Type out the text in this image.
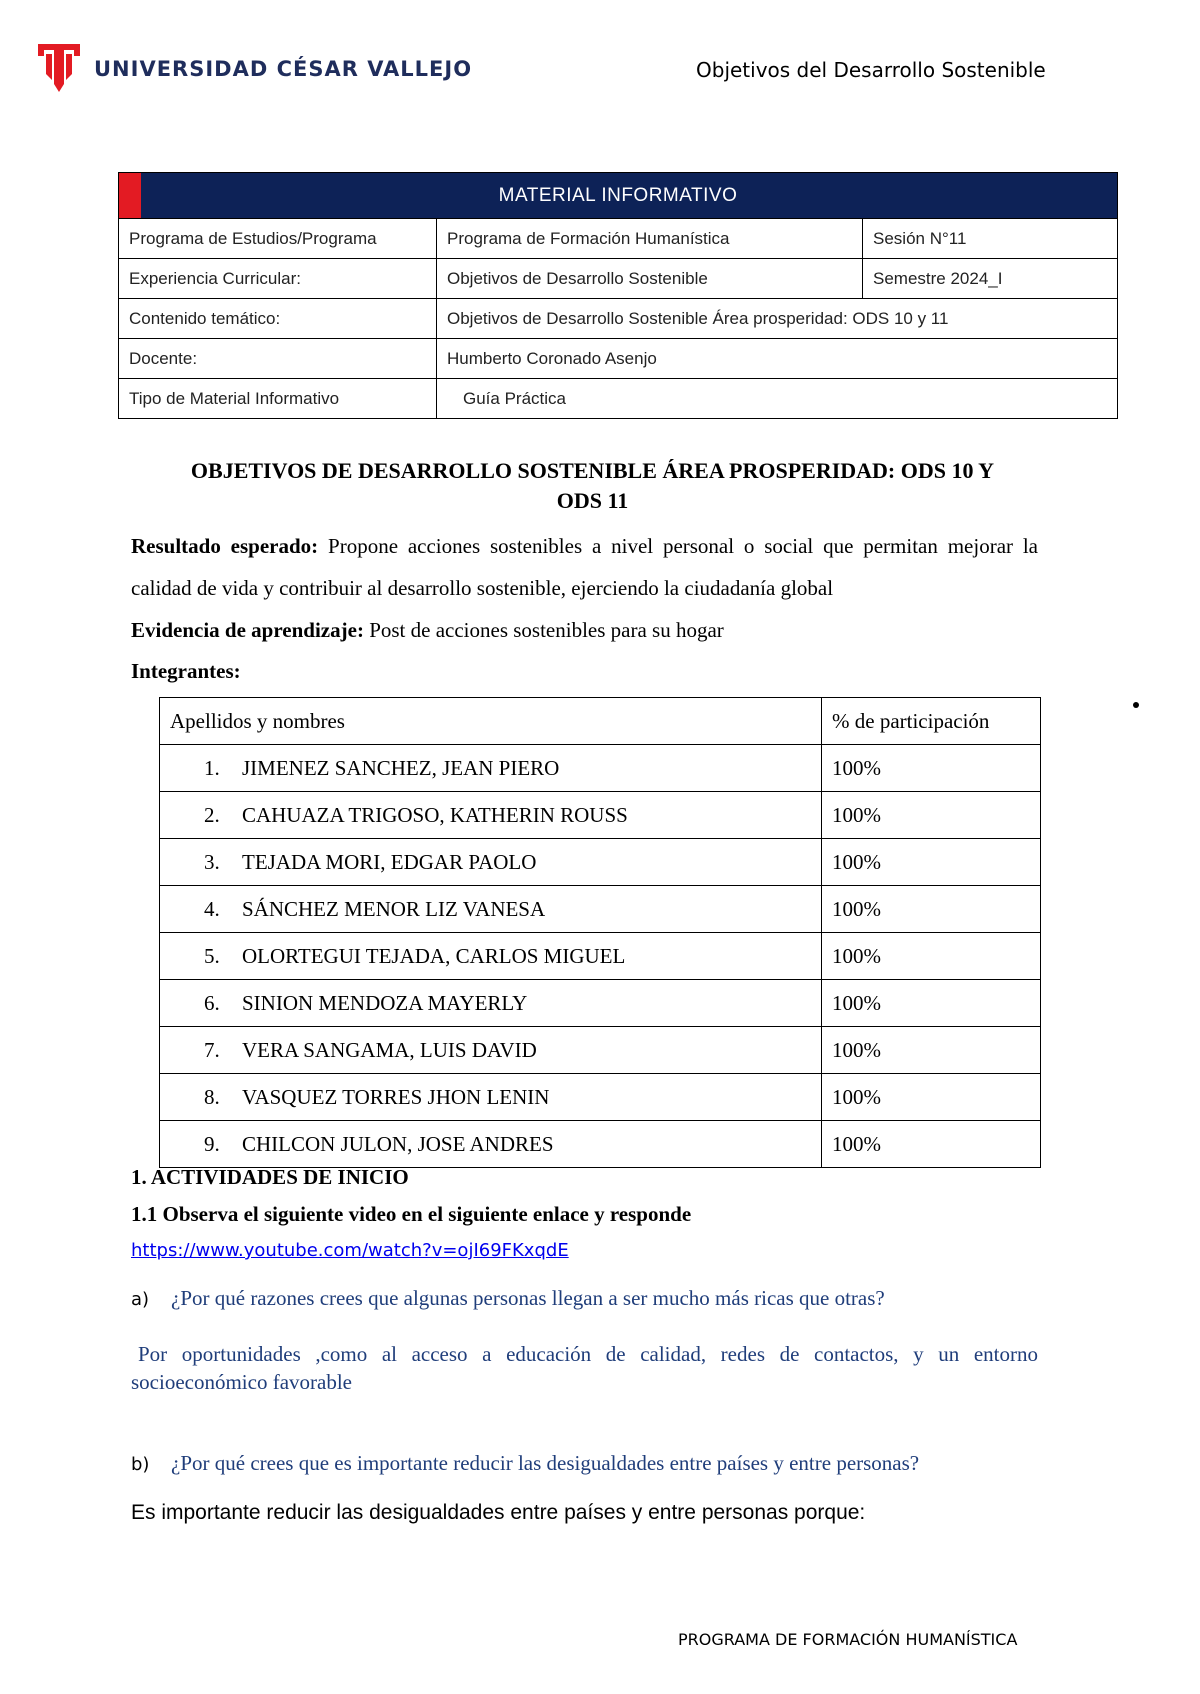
UNIVERSIDAD CÉSAR VALLEJO	Objetivos del Desarrollo Sostenible
MATERIAL INFORMATIVO		
Programa de Estudios/Programa	Programa de Formación Humanística	Sesión N°11
Experiencia Curricular:	Objetivos de Desarrollo Sostenible	Semestre 2024_I
Contenido temático:	Objetivos de Desarrollo Sostenible Área prosperidad: ODS 10 y 11	
Docente:	Humberto Coronado Asenjo	
Tipo de Material Informativo	Guía Práctica	
OBJETIVOS DE DESARROLLO SOSTENIBLE ÁREA PROSPERIDAD: ODS 10 Y
ODS 11
Resultado esperado: Propone acciones sostenibles a nivel personal o social que permitan mejorar la calidad de vida y contribuir al desarrollo sostenible, ejerciendo la ciudadanía global
Evidencia de aprendizaje: Post de acciones sostenibles para su hogar
Integrantes:
Apellidos y nombres	% de participación
1. JIMENEZ SANCHEZ, JEAN PIERO	100%
2. CAHUAZA TRIGOSO, KATHERIN ROUSS	100%
3. TEJADA MORI, EDGAR PAOLO	100%
4. SÁNCHEZ MENOR LIZ VANESA	100%
5. OLORTEGUI TEJADA, CARLOS MIGUEL	100%
6. SINION MENDOZA MAYERLY	100%
7. VERA SANGAMA, LUIS DAVID	100%
8. VASQUEZ TORRES JHON LENIN	100%
9. CHILCON JULON, JOSE ANDRES	100%
1. ACTIVIDADES DE INICIO
1.1 Observa el siguiente video en el siguiente enlace y responde
https://www.youtube.com/watch?v=ojI69FKxqdE
a) ¿Por qué razones crees que algunas personas llegan a ser mucho más ricas que otras?
Por oportunidades ,como al acceso a educación de calidad, redes de contactos, y un entorno socioeconómico favorable
b) ¿Por qué crees que es importante reducir las desigualdades entre países y entre personas?
Es importante reducir las desigualdades entre países y entre personas porque:
PROGRAMA DE FORMACIÓN HUMANÍSTICA
